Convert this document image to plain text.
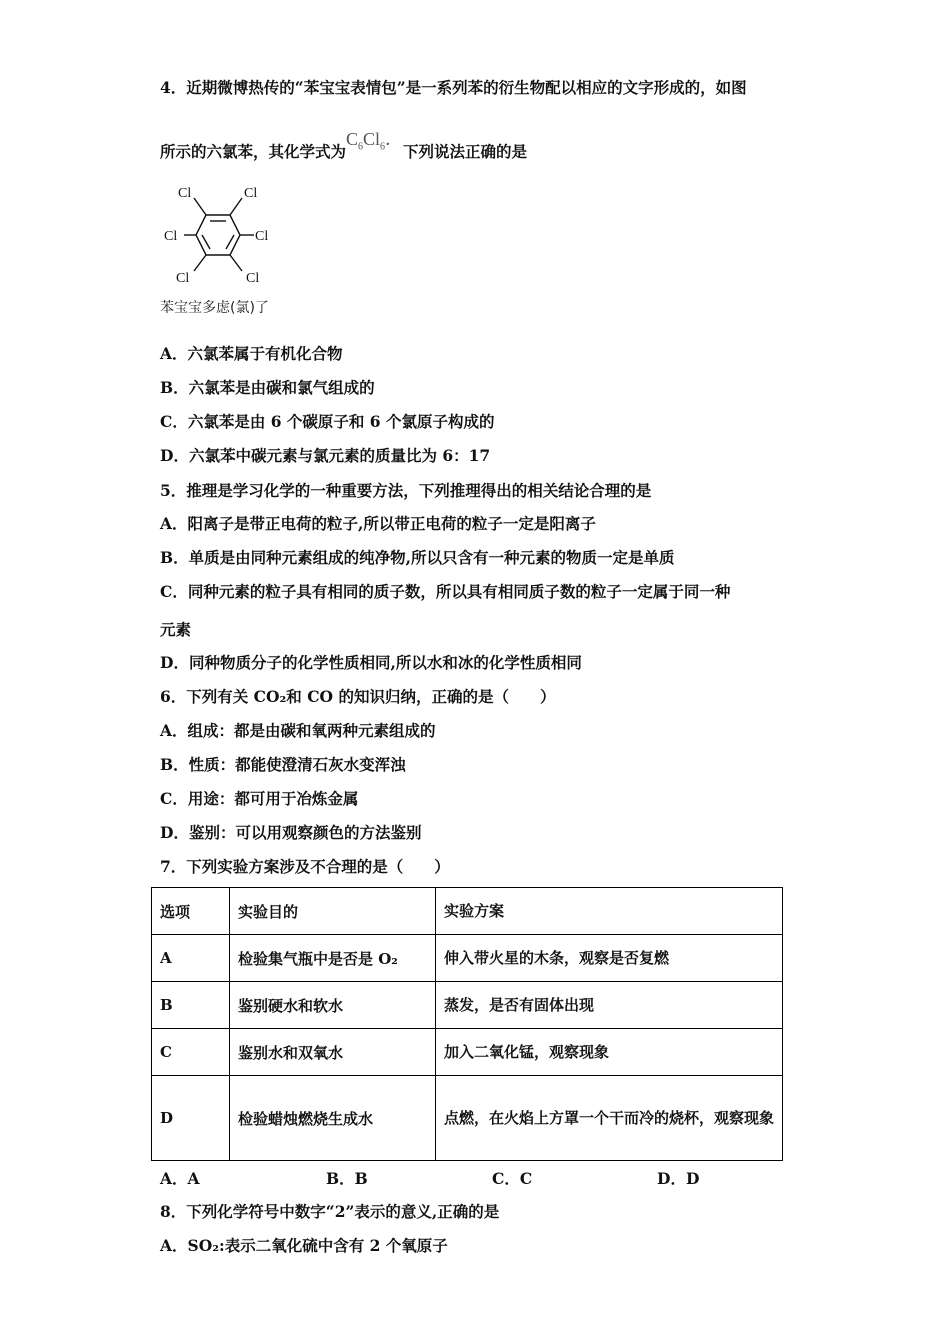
4．近期微博热传的“苯宝宝表情包”是一系列苯的衍生物配以相应的文字形成的，如图
所示的六氯苯，其化学式为$C_6Cl_6$．下列说法正确的是
Cl	Cl
Cl	Cl
Cl	Cl
苯宝宝多虑(氯)了
A．六氯苯属于有机化合物
B．六氯苯是由碳和氯气组成的
C．六氯苯是由 6 个碳原子和 6 个氯原子构成的
D．六氯苯中碳元素与氯元素的质量比为 6：17
5．推理是学习化学的一种重要方法，下列推理得出的相关结论合理的是
A．阳离子是带正电荷的粒子,所以带正电荷的粒子一定是阳离子
B．单质是由同种元素组成的纯净物,所以只含有一种元素的物质一定是单质
C．同种元素的粒子具有相同的质子数，所以具有相同质子数的粒子一定属于同一种
元素
D．同种物质分子的化学性质相同,所以水和冰的化学性质相同
6．下列有关 CO₂和 CO 的知识归纳，正确的是（　　）
A．组成：都是由碳和氧两种元素组成的
B．性质：都能使澄清石灰水变浑浊
C．用途：都可用于冶炼金属
D．鉴别：可以用观察颜色的方法鉴别
7．下列实验方案涉及不合理的是（　　）
选项	实验目的	实验方案
A	检验集气瓶中是否是 O₂	伸入带火星的木条，观察是否复燃
B	鉴别硬水和软水	蒸发，是否有固体出现
C	鉴别水和双氧水	加入二氧化锰，观察现象
D	检验蜡烛燃烧生成水	点燃，在火焰上方罩一个干而冷的烧杯，观察现象
A．A	B．B	C．C	D．D
8．下列化学符号中数字“2”表示的意义,正确的是
A．SO₂:表示二氧化硫中含有 2 个氧原子
